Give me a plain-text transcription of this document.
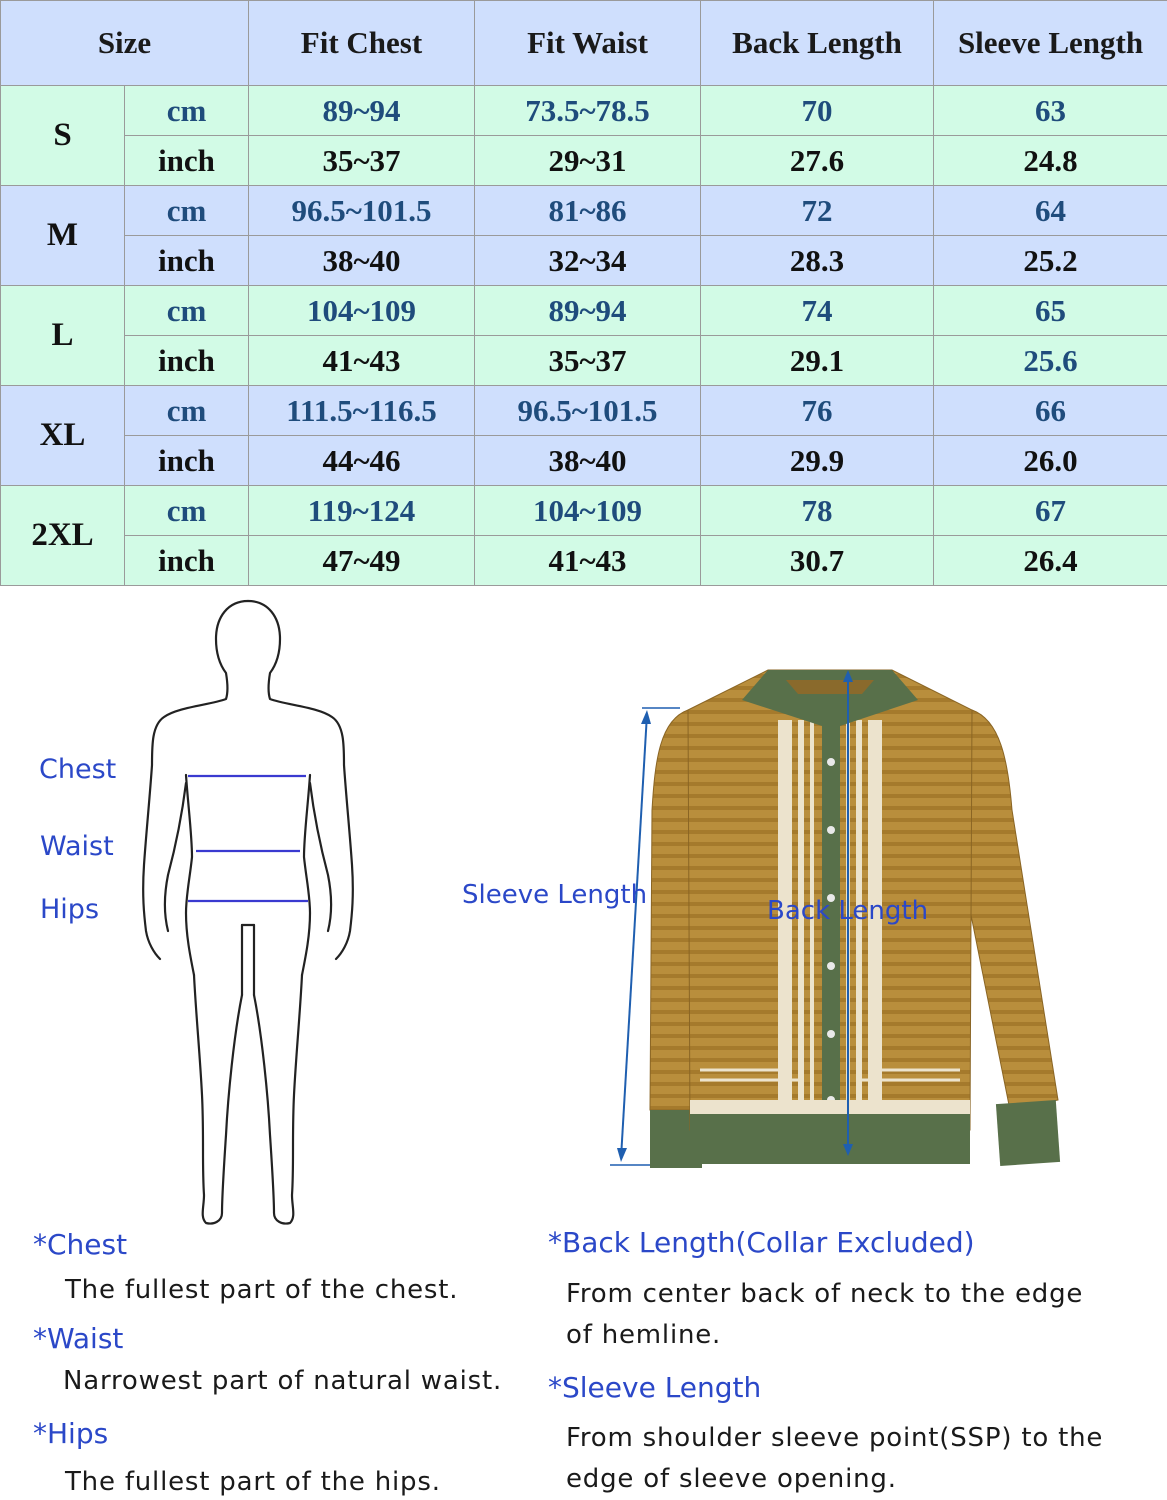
Size		Fit Chest	Fit Waist	Back Length	Sleeve Length
S	cm	89~94	73.5~78.5	70	63
	inch	35~37	29~31	27.6	24.8
M	cm	96.5~101.5	81~86	72	64
	inch	38~40	32~34	28.3	25.2
L	cm	104~109	89~94	74	65
	inch	41~43	35~37	29.1	25.6
XL	cm	111.5~116.5	96.5~101.5	76	66
	inch	44~46	38~40	29.9	26.0
2XL	cm	119~124	104~109	78	67
	inch	47~49	41~43	30.7	26.4
Chest
Waist
Hips	Sleeve Length
Back Length
*Chest
The fullest part of the chest.
*Waist
Narrowest part of natural waist.
*Hips
The fullest part of the hips.
*Back Length(Collar Excluded)
From center back of neck to the edge
of hemline.
*Sleeve Length
From shoulder sleeve point(SSP) to the
edge of sleeve opening.
